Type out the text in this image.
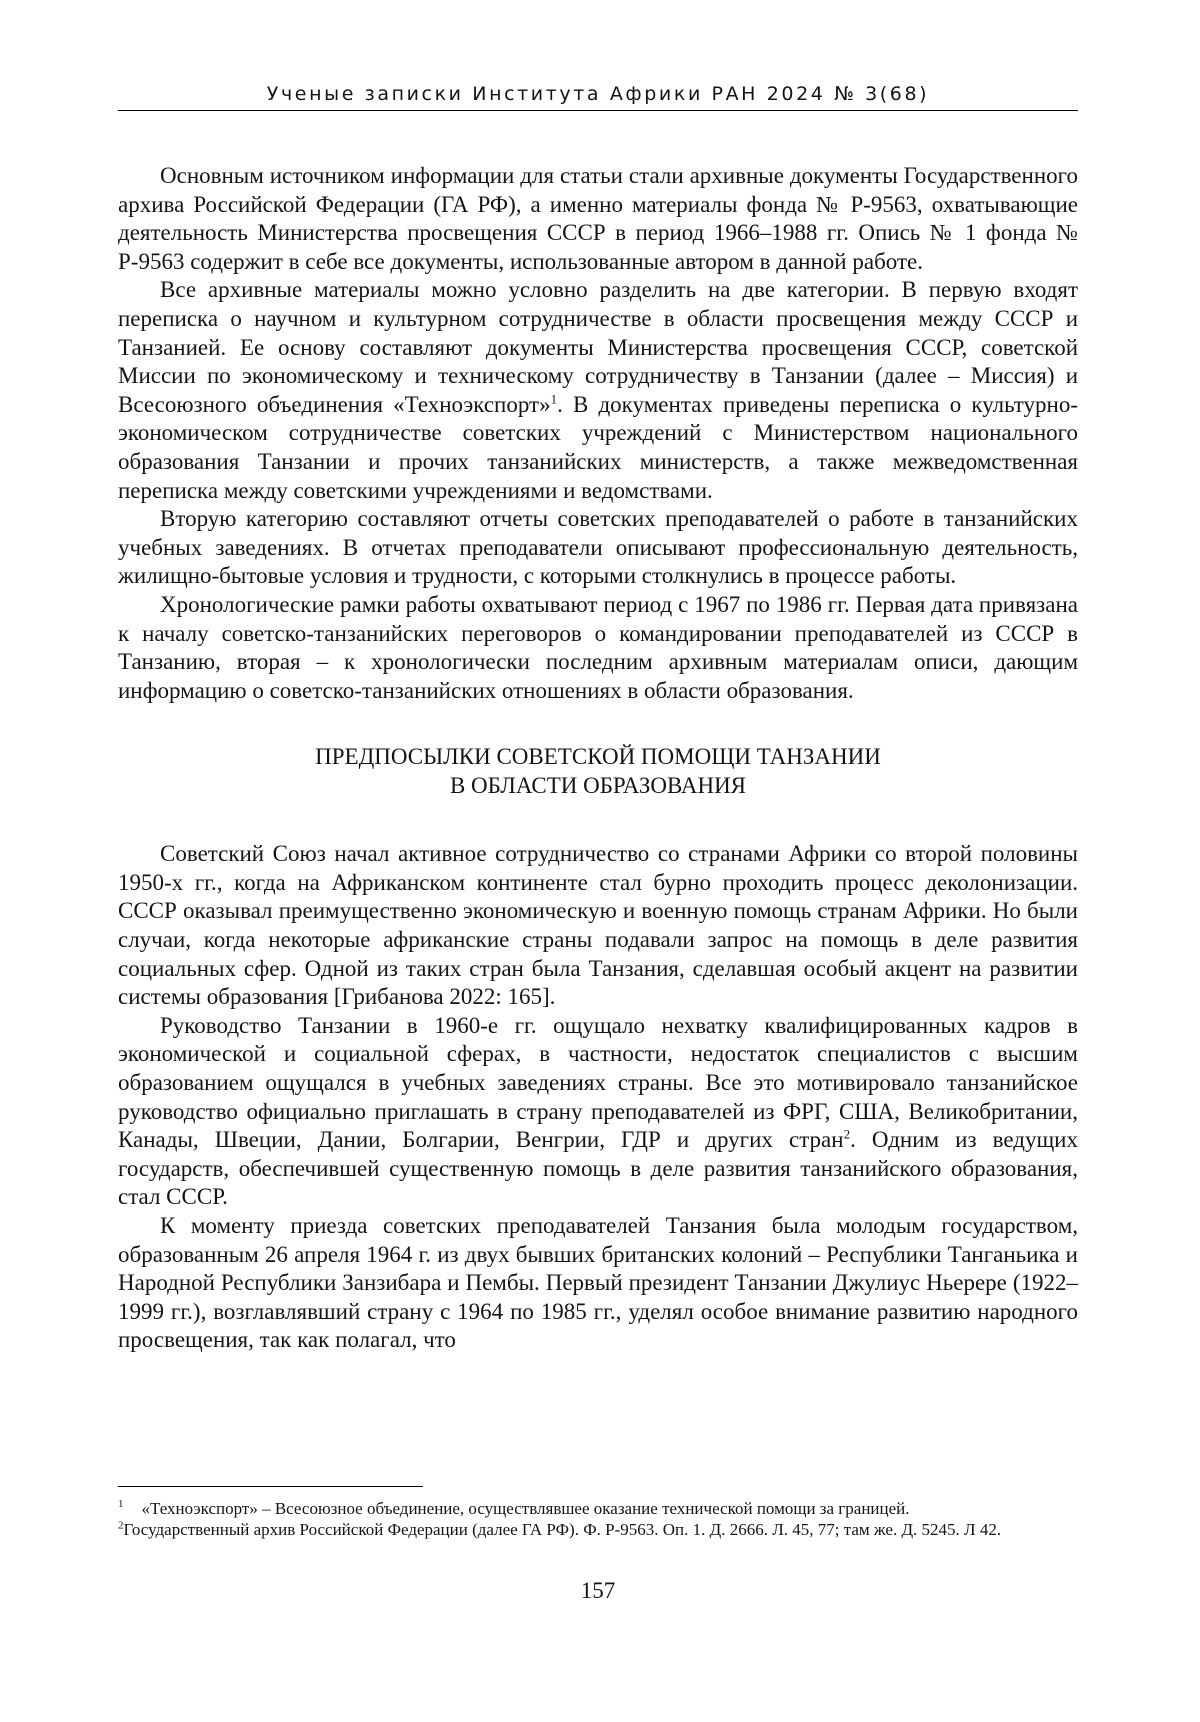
Ученые записки Института Африки РАН 2024 № 3(68)

Основным источником информации для статьи стали архивные документы Государственного архива Российской Федерации (ГА РФ), а именно материалы фонда № Р-9563, охватывающие деятельность Министерства просвещения СССР в период 1966–1988 гг. Опись № 1 фонда № Р-9563 содержит в себе все документы, использованные автором в данной работе.

Все архивные материалы можно условно разделить на две категории. В первую входят переписка о научном и культурном сотрудничестве в области просвещения между СССР и Танзанией. Ее основу составляют документы Министерства просвещения СССР, советской Миссии по экономическому и техническому сотрудничеству в Танзании (далее – Миссия) и Всесоюзного объединения «Техноэкспорт»$^1$. В документах приведены переписка о культурно-экономическом сотрудничестве советских учреждений с Министерством национального образования Танзании и прочих танзанийских министерств, а также межведомственная переписка между советскими учреждениями и ведомствами.

Вторую категорию составляют отчеты советских преподавателей о работе в танзанийских учебных заведениях. В отчетах преподаватели описывают профессиональную деятельность, жилищно-бытовые условия и трудности, с которыми столкнулись в процессе работы.

Хронологические рамки работы охватывают период с 1967 по 1986 гг. Первая дата привязана к началу советско-танзанийских переговоров о командировании преподавателей из СССР в Танзанию, вторая – к хронологически последним архивным материалам описи, дающим информацию о советско-танзанийских отношениях в области образования.

ПРЕДПОСЫЛКИ СОВЕТСКОЙ ПОМОЩИ ТАНЗАНИИ
В ОБЛАСТИ ОБРАЗОВАНИЯ

Советский Союз начал активное сотрудничество со странами Африки со второй половины 1950-х гг., когда на Африканском континенте стал бурно проходить процесс деколонизации. СССР оказывал преимущественно экономическую и военную помощь странам Африки. Но были случаи, когда некоторые африканские страны подавали запрос на помощь в деле развития социальных сфер. Одной из таких стран была Танзания, сделавшая особый акцент на развитии системы образования [Грибанова 2022: 165].

Руководство Танзании в 1960-е гг. ощущало нехватку квалифицированных кадров в экономической и социальной сферах, в частности, недостаток специалистов с высшим образованием ощущался в учебных заведениях страны. Все это мотивировало танзанийское руководство официально приглашать в страну преподавателей из ФРГ, США, Великобритании, Канады, Швеции, Дании, Болгарии, Венгрии, ГДР и других стран$^2$. Одним из ведущих государств, обеспечившей существенную помощь в деле развития танзанийского образования, стал СССР.

К моменту приезда советских преподавателей Танзания была молодым государством, образованным 26 апреля 1964 г. из двух бывших британских колоний – Республики Танганьика и Народной Республики Занзибара и Пембы. Первый президент Танзании Джулиус Ньерере (1922–1999 гг.), возглавлявший страну с 1964 по 1985 гг., уделял особое внимание развитию народного просвещения, так как полагал, что

$^1$ «Техноэкспорт» – Всесоюзное объединение, осуществлявшее оказание технической помощи за границей.

$^2$Государственный архив Российской Федерации (далее ГА РФ). Ф. Р-9563. Оп. 1. Д. 2666. Л. 45, 77; там же. Д. 5245. Л 42.

157
